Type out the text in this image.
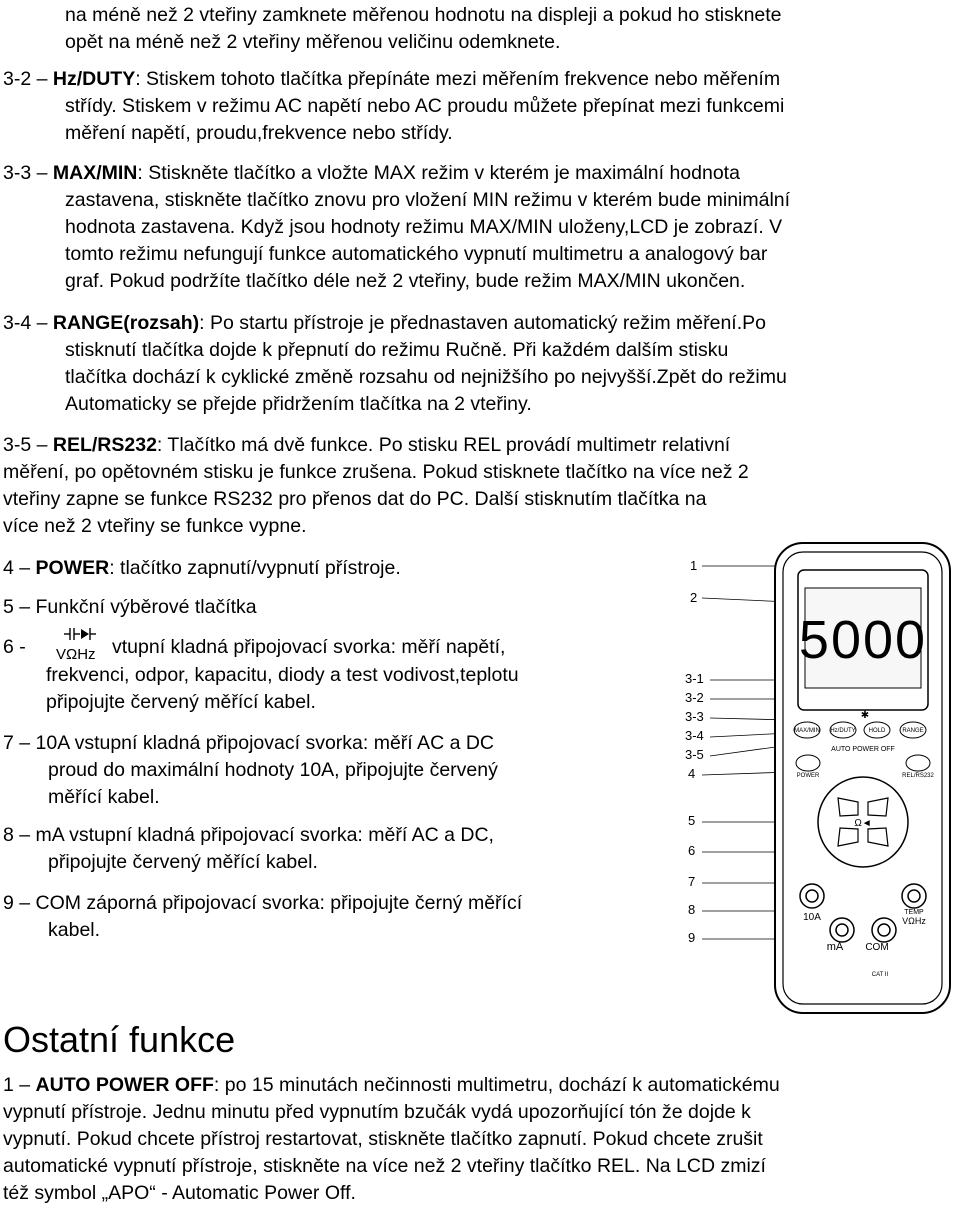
na méně než 2 vteřiny zamknete měřenou hodnotu na displeji a pokud ho stisknete

opět na méně než 2 vteřiny měřenou veličinu odemknete.

3-2 – Hz/DUTY: Stiskem tohoto tlačítka přepínáte mezi měřením frekvence nebo měřením

střídy. Stiskem v režimu AC napětí nebo AC proudu můžete přepínat mezi funkcemi

měření napětí, proudu,frekvence nebo střídy.

3-3 – MAX/MIN: Stiskněte tlačítko a vložte MAX režim v kterém je maximální hodnota

zastavena, stiskněte tlačítko znovu pro vložení MIN režimu v kterém bude minimální

hodnota zastavena. Když jsou hodnoty režimu MAX/MIN uloženy,LCD je zobrazí. V

tomto režimu nefungují funkce automatického vypnutí multimetru a analogový bar

graf. Pokud podržíte tlačítko déle než 2 vteřiny, bude režim MAX/MIN ukončen.

3-4 – RANGE(rozsah): Po startu přístroje je přednastaven automatický režim měření.Po

stisknutí tlačítka dojde k přepnutí do režimu Ručně. Při každém dalším stisku

tlačítka dochází k cyklické změně rozsahu od nejnižšího po nejvyšší.Zpět do režimu

Automaticky se přejde přidržením tlačítka na 2 vteřiny.

3-5 – REL/RS232: Tlačítko má dvě funkce. Po stisku REL provádí multimetr relativní

měření, po opětovném stisku je funkce zrušena. Pokud stisknete tlačítko na více než 2

vteřiny zapne se funkce RS232 pro přenos dat do PC. Další stisknutím tlačítka na

více než 2 vteřiny se funkce vypne.

4 – POWER: tlačítko zapnutí/vypnutí přístroje.

5 – Funkční výběrové tlačítka

6 - VΩHz vtupní kladná připojovací svorka: měří napětí,

frekvenci, odpor, kapacitu, diody a test vodivost,teplotu

připojujte červený měřící kabel.

7 – 10A vstupní kladná připojovací svorka: měří AC a DC

proud do maximální hodnoty 10A, připojujte červený

měřící kabel.

8 – mA vstupní kladná připojovací svorka: měří AC a DC,

připojujte červený měřící kabel.

9 – COM záporná připojovací svorka: připojujte černý měřící

kabel.

Ostatní funkce

1 – AUTO POWER OFF: po 15 minutách nečinnosti multimetru, dochází k automatickému

vypnutí přístroje. Jednu minutu před vypnutím bzučák vydá upozorňující tón že dojde k

vypnutí. Pokud chcete přístroj restartovat, stiskněte tlačítko zapnutí. Pokud chcete zrušit

automatické vypnutí přístroje, stiskněte na více než 2 vteřiny tlačítko REL. Na LCD zmizí

též symbol „APO“ - Automatic Power Off.

1
2
3-1
3-2
3-3
3-4
3-5
4
5
6
7
8
9
5000
MAX/MIN Hz/DUTY HOLD	RANGE
✱
AUTO POWER OFF
POWER	REL/RS232
Ω◄
10A	TEMP
VΩHz
mA COM
CAT II
